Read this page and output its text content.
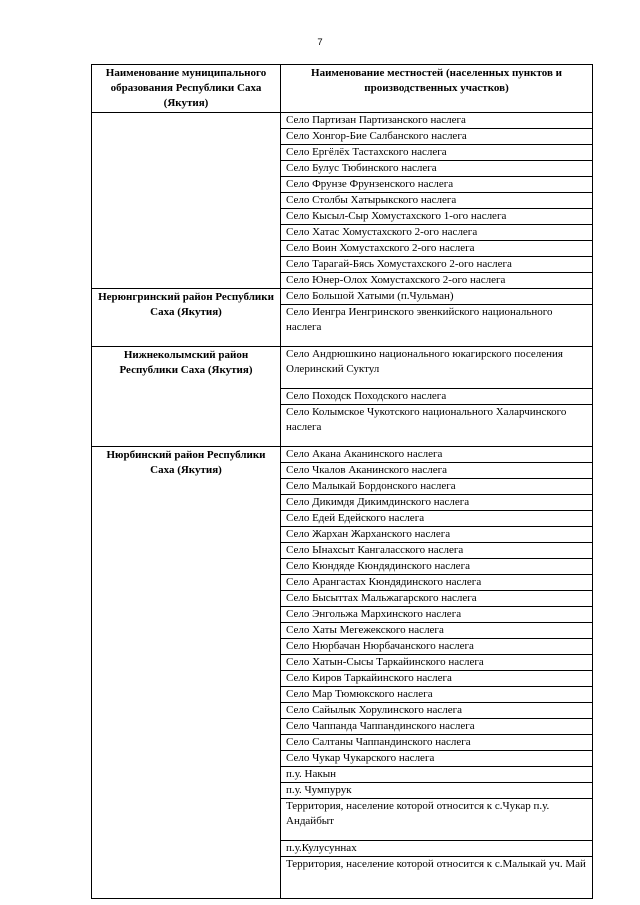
7
Наименование муниципального образования Республики Саха (Якутия)	Наименование местностей (населенных пунктов и производственных участков)
	Село Партизан Партизанского наслега
	Село Хонгор-Бие Салбанского наслега
	Село Ергёлёх Тастахского наслега
	Село Булус Тюбинского наслега
	Село Фрунзе Фрунзенского наслега
	Село Столбы Хатырыкского наслега
	Село Кысыл-Сыр Хомустахского 1-ого наслега
	Село Хатас Хомустахского 2-ого наслега
	Село Воин Хомустахского 2-ого наслега
	Село Тарагай-Бясь Хомустахского 2-ого наслега
	Село Юнер-Олох Хомустахского 2-ого наслега
Нерюнгринский район Республики Саха (Якутия)	Село Большой Хатыми (п.Чульман)
	Село Иенгра Иенгринского эвенкийского национального наслега
Нижнеколымский район Республики Саха (Якутия)	Село Андрюшкино национального юкагирского поселения Олеринский Суктул
	Село Походск Походского наслега
	Село Колымское Чукотского национального Халарчинского наслега
Нюрбинский район Республики Саха (Якутия)	Село Акана Аканинского наслега
	Село Чкалов Аканинского наслега
	Село Малыкай Бордонского наслега
	Село Дикимдя Дикимдинского наслега
	Село Едей Едейского наслега
	Село Жархан Жарханского наслега
	Село Ынахсыт Кангаласского наслега
	Село Кюндяде Кюндядинского наслега
	Село Арангастах Кюндядинского наслега
	Село Бысыттах Мальжагарского наслега
	Село Энгольжа Мархинского наслега
	Село Хаты Мегежекского наслега
	Село Нюрбачан Нюрбачанского наслега
	Село Хатын-Сысы Таркайинского наслега
	Село Киров Таркайинского наслега
	Село Мар Тюмюкского наслега
	Село Сайылык Хорулинского наслега
	Село Чаппанда Чаппандинского наслега
	Село Салтаны Чаппандинского наслега
	Село Чукар Чукарского наслега
	п.у. Накын
	п.у. Чумпурук
	Территория, население которой относится к с.Чукар п.у. Андайбыт
	п.у.Кулусуннах
	Территория, население которой относится к с.Малыкай уч. Май
